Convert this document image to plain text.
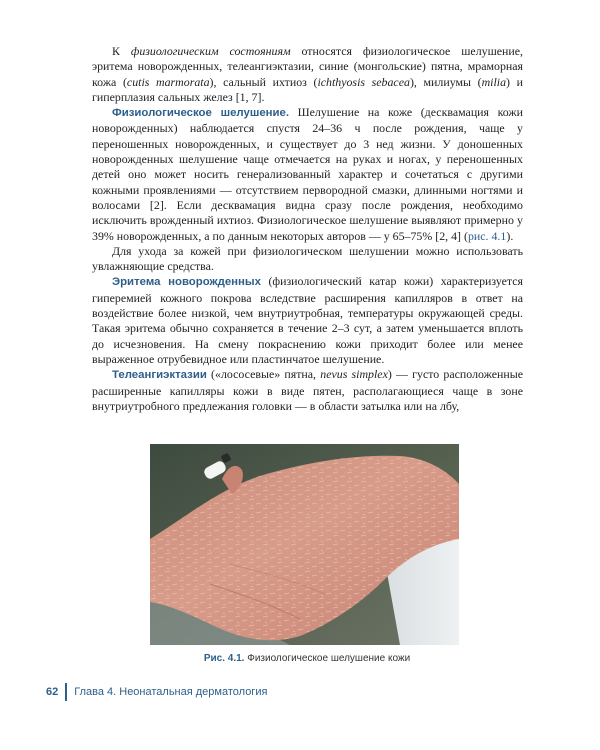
К физиологическим состояниям относятся физиологическое шелушение, эритема новорожденных, телеангиэктазии, синие (монгольские) пятна, мраморная кожа (cutis marmorata), сальный ихтиоз (ichthyosis sebacea), милиумы (milia) и гиперплазия сальных желез [1, 7].

Физиологическое шелушение. Шелушение на коже (десквамация кожи новорожденных) наблюдается спустя 24–36 ч после рождения, чаще у переношенных новорожденных, и существует до 3 нед жизни. У доношенных новорожденных шелушение чаще отмечается на руках и ногах, у переношенных детей оно может носить генерализованный характер и сочетаться с другими кожными проявлениями — отсутствием первородной смазки, длинными ногтями и волосами [2]. Если десквамация видна сразу после рождения, необходимо исключить врожденный ихтиоз. Физиологическое шелушение выявляют примерно у 39% новорожденных, а по данным некоторых авторов — у 65–75% [2, 4] (рис. 4.1).

Для ухода за кожей при физиологическом шелушении можно использовать увлажняющие средства.

Эритема новорожденных (физиологический катар кожи) характеризуется гиперемией кожного покрова вследствие расширения капилляров в ответ на воздействие более низкой, чем внутриутробная, температуры окружающей среды. Такая эритема обычно сохраняется в течение 2–3 сут, а затем уменьшается вплоть до исчезновения. На смену покраснению кожи приходит более или менее выраженное отрубевидное или пластинчатое шелушение.

Телеангиэктазии («лососевые» пятна, nevus simplex) — густо расположенные расширенные капилляры кожи в виде пятен, располагающиеся чаще в зоне внутриутробного предлежания головки — в области затылка или на лбу,

Рис. 4.1. Физиологическое шелушение кожи
62	Глава 4. Неонатальная дерматология
